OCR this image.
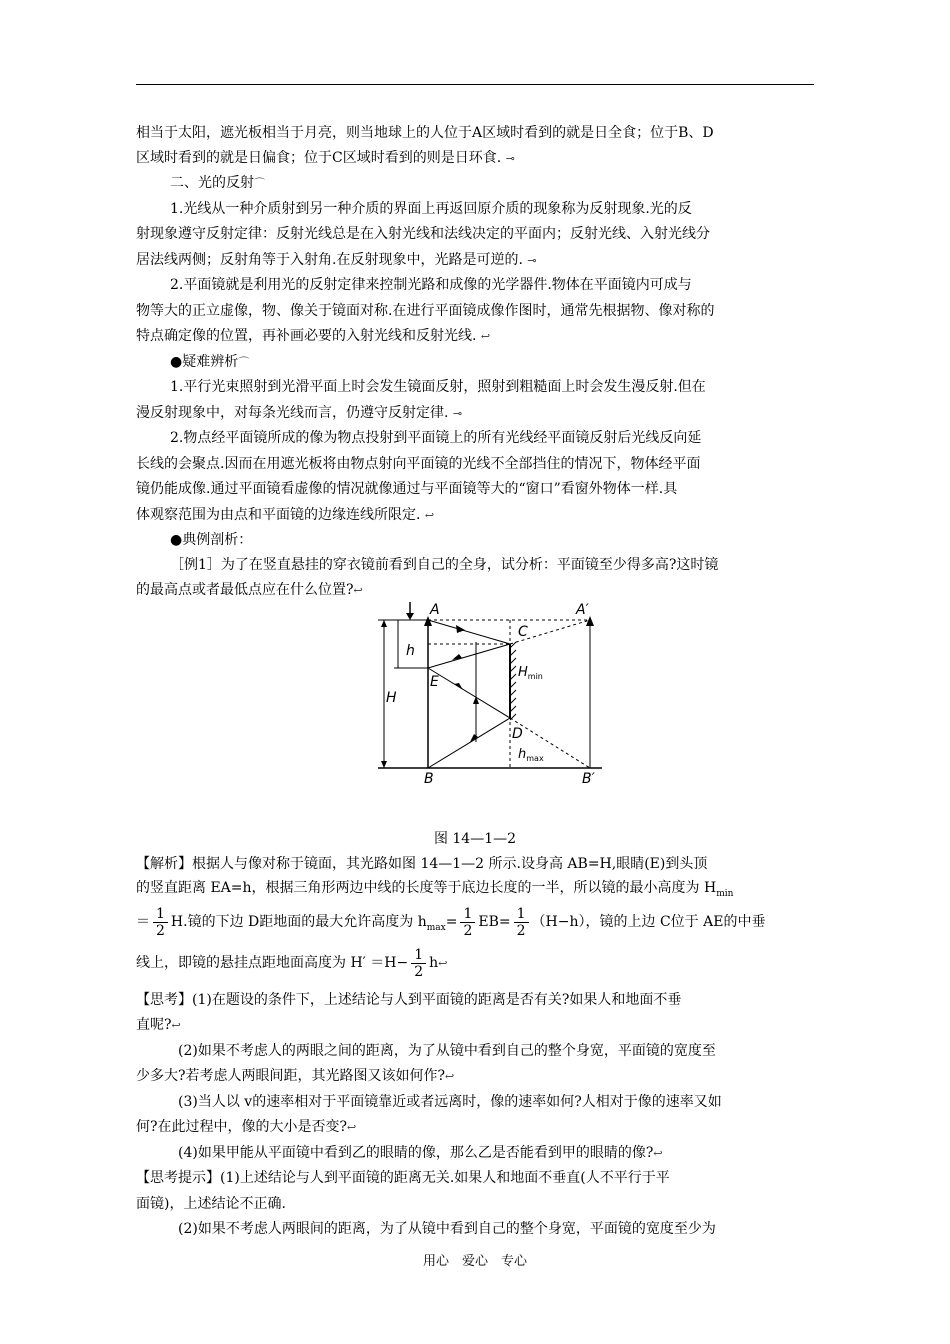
相当于太阳，遮光板相当于月亮，则当地球上的人位于A区域时看到的就是日全食；位于B、D
区域时看到的就是日偏食；位于C区域时看到的则是日环食. ⊸
二、光的反射⌒
1.光线从一种介质射到另一种介质的界面上再返回原介质的现象称为反射现象.光的反
射现象遵守反射定律：反射光线总是在入射光线和法线决定的平面内；反射光线、入射光线分
居法线两侧；反射角等于入射角.在反射现象中，光路是可逆的. ⊸
2.平面镜就是利用光的反射定律来控制光路和成像的光学器件.物体在平面镜内可成与
物等大的正立虚像，物、像关于镜面对称.在进行平面镜成像作图时，通常先根据物、像对称的
特点确定像的位置，再补画必要的入射光线和反射光线. ↩
●疑难辨析⌒
1.平行光束照射到光滑平面上时会发生镜面反射，照射到粗糙面上时会发生漫反射.但在
漫反射现象中，对每条光线而言，仍遵守反射定律. ⊸
2.物点经平面镜所成的像为物点投射到平面镜上的所有光线经平面镜反射后光线反向延
长线的会聚点.因而在用遮光板将由物点射向平面镜的光线不全部挡住的情况下，物体经平面
镜仍能成像.通过平面镜看虚像的情况就像通过与平面镜等大的“窗口”看窗外物体一样.具
体观察范围为由点和平面镜的边缘连线所限定. ↩
●典例剖析：
［例1］为了在竖直悬挂的穿衣镜前看到自己的全身，试分析：平面镜至少得多高?这时镜
的最高点或者最低点应在什么位置?↩
A	A′
C
h
E
$H_{min}$
H
D
$h_{max}$
B	B′
图 14—1—2
【解析】根据人与像对称于镜面，其光路如图 14—1—2 所示.设身高 AB=H,眼睛(E)到头顶
的竖直距离 EA=h，根据三角形两边中线的长度等于底边长度的一半，所以镜的最小高度为 $H_{min}$
＝ $\frac{1}{2} H$.镜的下边 D距地面的最大允许高度为 $h_{max}= \frac{1}{2} EB= \frac{1}{2} (H-h)$，镜的上边 C位于 AE的中垂
线上，即镜的悬挂点距地面高度为 $H' =H- \frac{1}{2}$ h↩
【思考】(1)在题设的条件下，上述结论与人到平面镜的距离是否有关?如果人和地面不垂
直呢?↩
(2)如果不考虑人的两眼之间的距离，为了从镜中看到自己的整个身宽，平面镜的宽度至
少多大?若考虑人两眼间距，其光路图又该如何作?↩
(3)当人以 v的速率相对于平面镜靠近或者远离时，像的速率如何?人相对于像的速率又如
何?在此过程中，像的大小是否变?↩
(4)如果甲能从平面镜中看到乙的眼睛的像，那么乙是否能看到甲的眼睛的像?↩
【思考提示】(1)上述结论与人到平面镜的距离无关.如果人和地面不垂直(人不平行于平
面镜)，上述结论不正确.
(2)如果不考虑人两眼间的距离，为了从镜中看到自己的整个身宽，平面镜的宽度至少为
用心　爱心　专心
